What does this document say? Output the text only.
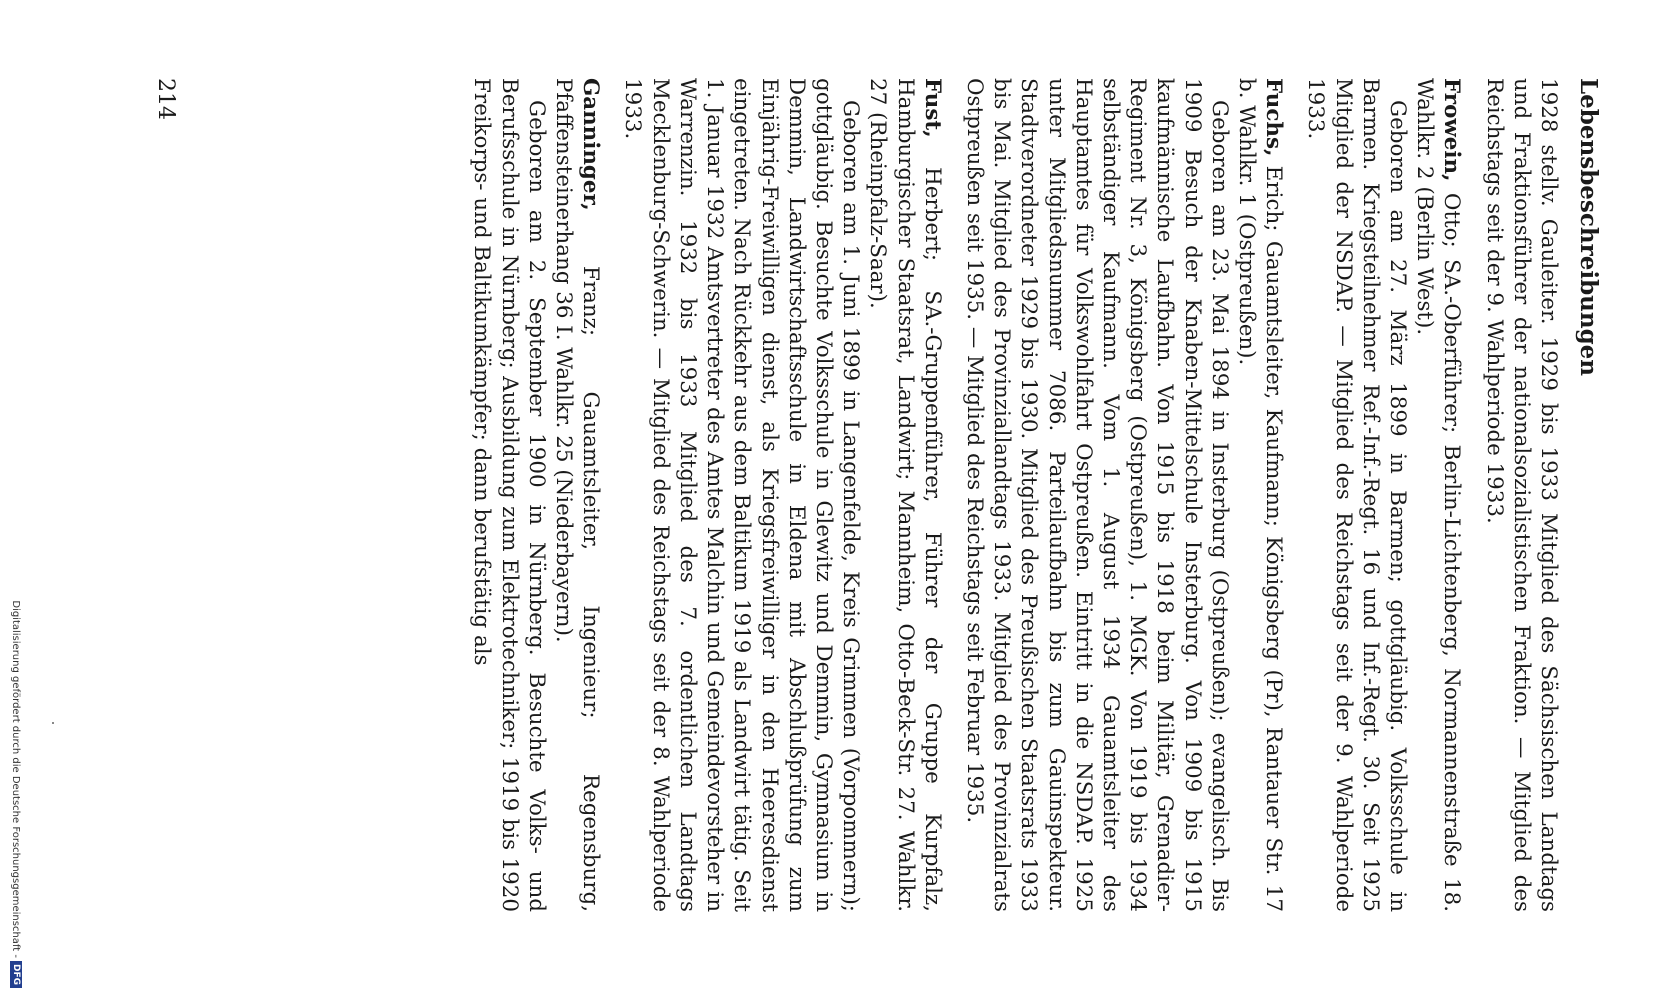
Lebensbeschreibungen

1928 stellv. Gauleiter. 1929 bis 1933 Mitglied des Sächsischen Landtags und Fraktionsführer der nationalsozialistischen Fraktion. — Mitglied des Reichstags seit der 9. Wahlperiode 1933.

Frowein, Otto; SA.-Oberführer; Berlin-Lichtenberg, Normannenstraße 18. Wahlkr. 2 (Berlin West).

Geboren am 27. März 1899 in Barmen; gottgläubig. Volksschule in Barmen. Kriegsteilnehmer Ref.-Inf.-Regt. 16 und Inf.-Regt. 30. Seit 1925 Mitglied der NSDAP. — Mitglied des Reichstags seit der 9. Wahlperiode 1933.

Fuchs, Erich; Gauamtsleiter, Kaufmann; Königsberg (Pr), Rantauer Str. 17 b. Wahlkr. 1 (Ostpreußen).

Geboren am 23. Mai 1894 in Insterburg (Ostpreußen); evangelisch. Bis 1909 Besuch der Knaben-Mittelschule Insterburg. Von 1909 bis 1915 kaufmännische Laufbahn. Von 1915 bis 1918 beim Militär, Grenadier-Regiment Nr. 3, Königsberg (Ostpreußen), 1. MGK. Von 1919 bis 1934 selbständiger Kaufmann. Vom 1. August 1934 Gauamtsleiter des Hauptamtes für Volkswohlfahrt Ostpreußen. Eintritt in die NSDAP. 1925 unter Mitgliedsnummer 7086. Parteilaufbahn bis zum Gauinspekteur. Stadtverordneter 1929 bis 1930. Mitglied des Preußischen Staatsrats 1933 bis Mai. Mitglied des Provinziallandtags 1933. Mitglied des Provinzialrats Ostpreußen seit 1935. — Mitglied des Reichstags seit Februar 1935.

Fust, Herbert; SA.-Gruppenführer, Führer der Gruppe Kurpfalz, Hamburgischer Staatsrat, Landwirt; Mannheim, Otto-Beck-Str. 27. Wahlkr. 27 (Rheinpfalz-Saar).

Geboren am 1. Juni 1899 in Langenfelde, Kreis Grimmen (Vorpommern); gottgläubig. Besuchte Volksschule in Glewitz und Demmin, Gymnasium in Demmin, Landwirtschaftsschule in Eldena mit Abschlußprüfung zum Einjährig-Freiwilligen dienst, als Kriegsfreiwilliger in den Heeresdienst eingetreten. Nach Rückkehr aus dem Baltikum 1919 als Landwirt tätig. Seit 1. Januar 1932 Amtsvertreter des Amtes Malchin und Gemeindevorsteher in Warrenzin. 1932 bis 1933 Mitglied des 7. ordentlichen Landtags Mecklenburg-Schwerin. — Mitglied des Reichstags seit der 8. Wahlperiode 1933.

Ganninger, Franz; Gauamtsleiter, Ingenieur; Regensburg, Pfaffensteinerhang 36 I. Wahlkr. 25 (Niederbayern).

Geboren am 2. September 1900 in Nürnberg. Besuchte Volks- und Berufsschule in Nürnberg; Ausbildung zum Elektrotechniker; 1919 bis 1920 Freikorps- und Baltikumkämpfer; dann berufstätig als

214
Digitalisierung gefördert durch die Deutsche Forschungsgemeinschaft -DFG
